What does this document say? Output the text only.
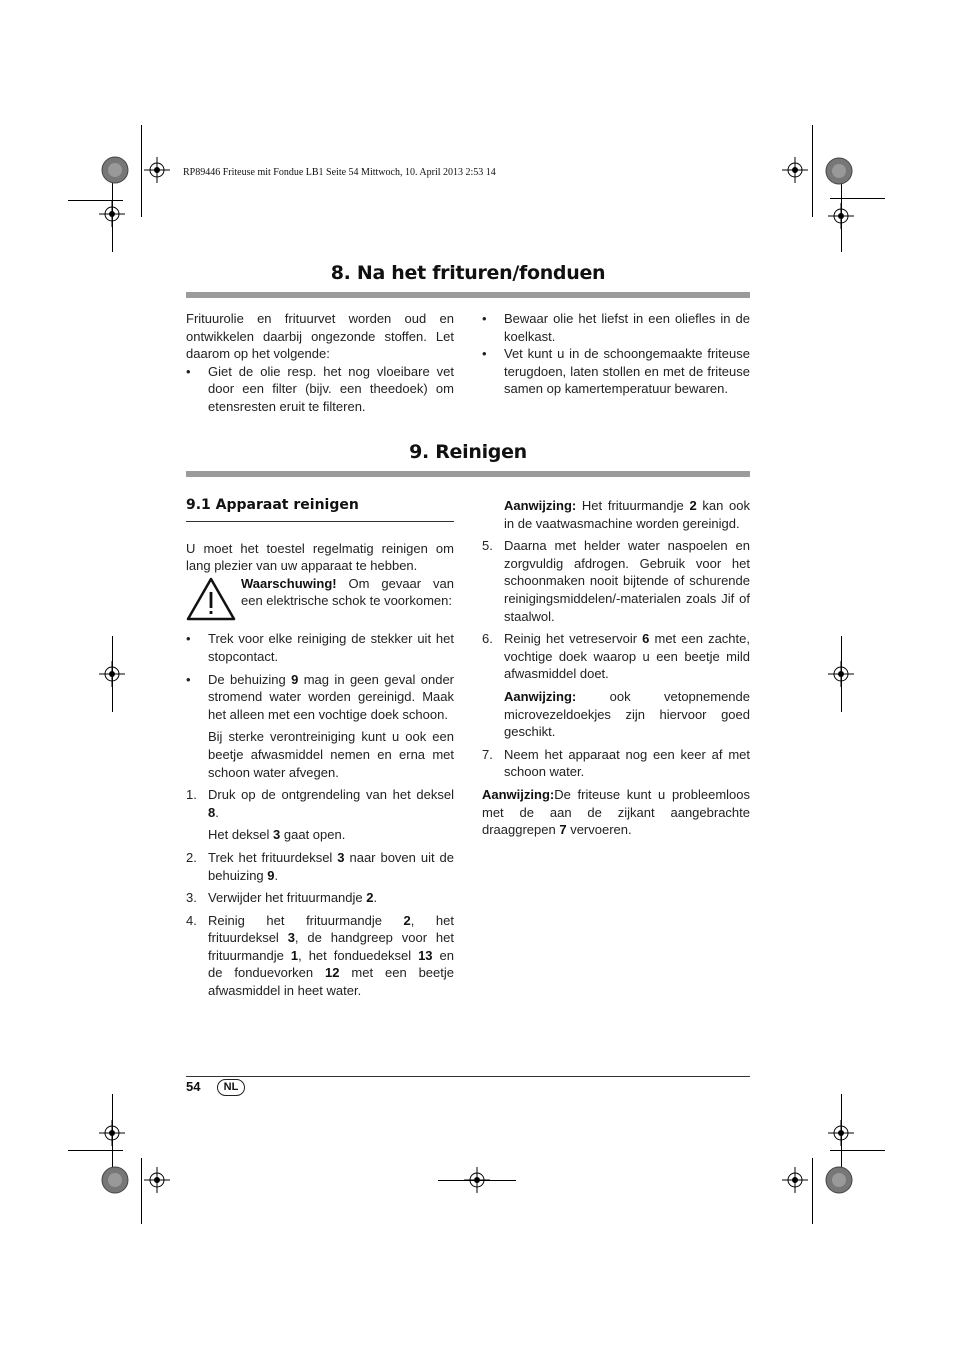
RP89446 Friteuse mit Fondue LB1 Seite 54 Mittwoch, 10. April 2013 2:53 14
8. Na het frituren/fonduen

Frituurolie en frituurvet worden oud en ontwikkelen daarbij ongezonde stoffen. Let daarom op het volgende:

•	Giet de olie resp. het nog vloeibare vet door een filter (bijv. een theedoek) om etensresten eruit te filteren.
•	Bewaar olie het liefst in een oliefles in de koelkast.
•	Vet kunt u in de schoongemaakte friteuse terugdoen, laten stollen en met de friteuse samen op kamertemperatuur bewaren.
9. Reinigen
9.1 Apparaat reinigen

U moet het toestel regelmatig reinigen om lang plezier van uw apparaat te hebben.

Waarschuwing! Om gevaar van een elektrische schok te voorkomen:

•	Trek voor elke reiniging de stekker uit het stopcontact.
•	De behuizing 9 mag in geen geval onder stromend water worden gereinigd. Maak het alleen met een vochtige doek schoon.

Bij sterke verontreiniging kunt u ook een beetje afwasmiddel nemen en erna met schoon water afvegen.

1. Druk op de ontgrendeling van het deksel 8.

Het deksel 3 gaat open.

2. Trek het frituurdeksel 3 naar boven uit de behuizing 9.
3. Verwijder het frituurmandje 2.
4. Reinig het frituurmandje 2, het frituurdeksel 3, de handgreep voor het frituurmandje 1, het fonduedeksel 13 en de fonduevorken 12 met een beetje afwasmiddel in heet water.

Aanwijzing: Het frituurmandje 2 kan ook in de vaatwasmachine worden gereinigd.

5. Daarna met helder water naspoelen en zorgvuldig afdrogen. Gebruik voor het schoonmaken nooit bijtende of schurende reinigingsmiddelen/-materialen zoals Jif of staalwol.
6. Reinig het vetreservoir 6 met een zachte, vochtige doek waarop u een beetje mild afwasmiddel doet.

Aanwijzing: ook vetopnemende microvezeldoekjes zijn hiervoor goed geschikt.

7. Neem het apparaat nog een keer af met schoon water.

Aanwijzing:De friteuse kunt u probleemloos met de aan de zijkant aangebrachte draaggrepen 7 vervoeren.

54	NL
